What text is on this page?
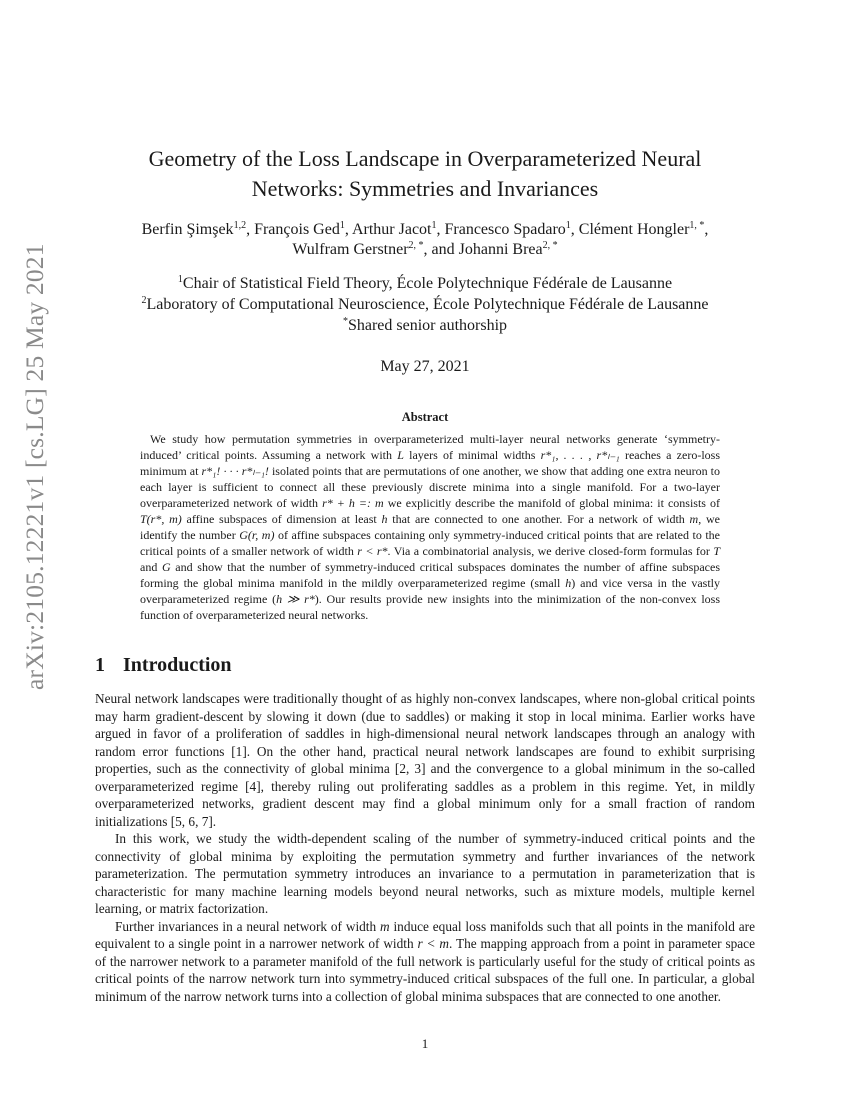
arXiv:2105.12221v1 [cs.LG] 25 May 2021
Geometry of the Loss Landscape in Overparameterized Neural
Networks: Symmetries and Invariances
Berfin Şimşek$^{1,2}$, François Ged$^1$, Arthur Jacot$^1$, Francesco Spadaro$^1$, Clément Hongler$^{1, *}$,
Wulfram Gerstner$^{2, *}$, and Johanni Brea$^{2, *}$
$^1$Chair of Statistical Field Theory, École Polytechnique Fédérale de Lausanne
$^2$Laboratory of Computational Neuroscience, École Polytechnique Fédérale de Lausanne
*Shared senior authorship
May 27, 2021
Abstract

We study how permutation symmetries in overparameterized multi-layer neural networks generate ‘symmetry-induced’ critical points. Assuming a network with L layers of minimal widths r*₁, . . . , r*ₗ₋₁ reaches a zero-loss minimum at r*₁! · · · r*ₗ₋₁! isolated points that are permutations of one another, we show that adding one extra neuron to each layer is sufficient to connect all these previously discrete minima into a single manifold. For a two-layer overparameterized network of width r* + h =: m we explicitly describe the manifold of global minima: it consists of T(r*, m) affine subspaces of dimension at least h that are connected to one another. For a network of width m, we identify the number G(r, m) of affine subspaces containing only symmetry-induced critical points that are related to the critical points of a smaller network of width r < r*. Via a combinatorial analysis, we derive closed-form formulas for T and G and show that the number of symmetry-induced critical subspaces dominates the number of affine subspaces forming the global minima manifold in the mildly overparameterized regime (small h) and vice versa in the vastly overparameterized regime (h ≫ r*). Our results provide new insights into the minimization of the non-convex loss function of overparameterized neural networks.

1 Introduction

Neural network landscapes were traditionally thought of as highly non-convex landscapes, where non-global critical points may harm gradient-descent by slowing it down (due to saddles) or making it stop in local minima. Earlier works have argued in favor of a proliferation of saddles in high-dimensional neural network landscapes through an analogy with random error functions [1]. On the other hand, practical neural network landscapes are found to exhibit surprising properties, such as the connectivity of global minima [2, 3] and the convergence to a global minimum in the so-called overparameterized regime [4], thereby ruling out proliferating saddles as a problem in this regime. Yet, in mildly overparameterized networks, gradient descent may find a global minimum only for a small fraction of random initializations [5, 6, 7].

In this work, we study the width-dependent scaling of the number of symmetry-induced critical points and the connectivity of global minima by exploiting the permutation symmetry and further invariances of the network parameterization. The permutation symmetry introduces an invariance to a permutation in parameterization that is characteristic for many machine learning models beyond neural networks, such as mixture models, multiple kernel learning, or matrix factorization.

Further invariances in a neural network of width m induce equal loss manifolds such that all points in the manifold are equivalent to a single point in a narrower network of width r < m. The mapping approach from a point in parameter space of the narrower network to a parameter manifold of the full network is particularly useful for the study of critical points as critical points of the narrow network turn into symmetry-induced critical subspaces of the full one. In particular, a global minimum of the narrow network turns into a collection of global minima subspaces that are connected to one another.

1
